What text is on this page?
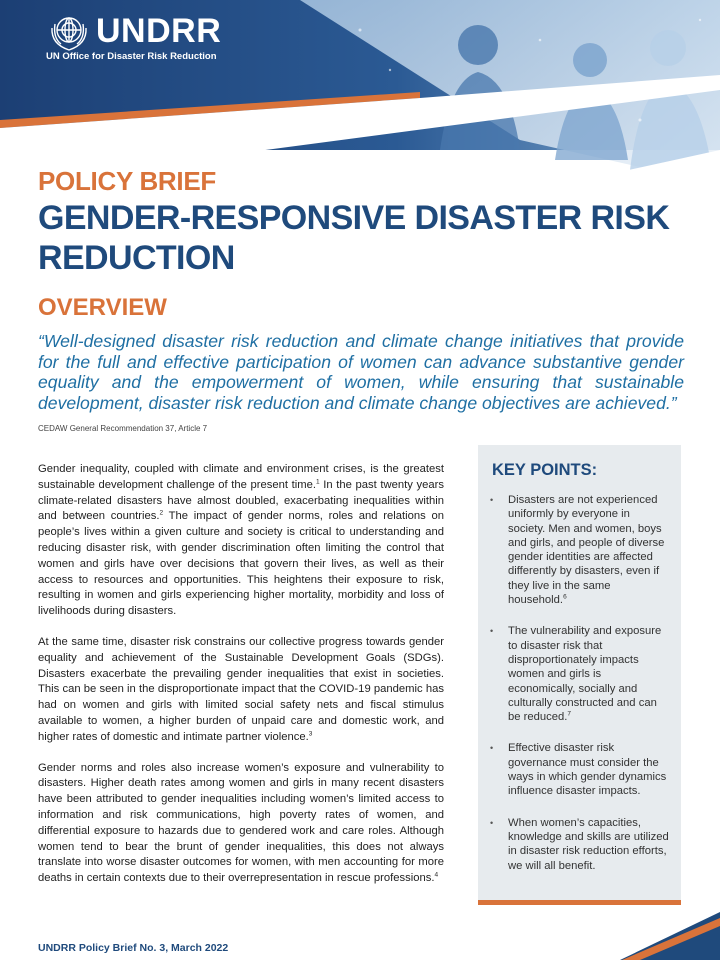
UNDRR
UN Office for Disaster Risk Reduction
POLICY BRIEF
GENDER-RESPONSIVE DISASTER RISK REDUCTION
OVERVIEW

“Well-designed disaster risk reduction and climate change initiatives that provide for the full and effective participation of women can advance substantive gender equality and the empowerment of women, while ensuring that sustainable development, disaster risk reduction and climate change objectives are achieved.”

CEDAW General Recommendation 37, Article 7

Gender inequality, coupled with climate and environment crises, is the greatest sustainable development challenge of the present time.$^1$ In the past twenty years climate-related disasters have almost doubled, exacerbating inequalities within and between countries.$^2$ The impact of gender norms, roles and relations on people’s lives within a given culture and society is critical to understanding and reducing disaster risk, with gender discrimination often limiting the control that women and girls have over decisions that govern their lives, as well as their access to resources and opportunities. This heightens their exposure to risk, resulting in women and girls experiencing higher mortality, morbidity and loss of livelihoods during disasters.

At the same time, disaster risk constrains our collective progress towards gender equality and achievement of the Sustainable Development Goals (SDGs). Disasters exacerbate the prevailing gender inequalities that exist in societies. This can be seen in the disproportionate impact that the COVID-19 pandemic has had on women and girls with limited social safety nets and fiscal stimulus available to women, a higher burden of unpaid care and domestic work, and higher rates of domestic and intimate partner violence.$^3$

Gender norms and roles also increase women’s exposure and vulnerability to disasters. Higher death rates among women and girls in many recent disasters have been attributed to gender inequalities including women’s limited access to information and risk communications, high poverty rates of women, and differential exposure to hazards due to gendered work and care roles. Although women tend to bear the brunt of gender inequalities, this does not always translate into worse disaster outcomes for women, with men accounting for more deaths in certain contexts due to their overrepresentation in rescue professions.$^4$

KEY POINTS:
•	Disasters are not experienced uniformly by everyone in society. Men and women, boys and girls, and people of diverse gender identities are affected differently by disasters, even if they live in the same household.$^6$
•	The vulnerability and exposure to disaster risk that disproportionately impacts women and girls is economically, socially and culturally constructed and can be reduced.$^7$
•	Effective disaster risk governance must consider the ways in which gender dynamics influence disaster impacts.
•	When women’s capacities, knowledge and skills are utilized in disaster risk reduction efforts, we will all benefit.
UNDRR Policy Brief No. 3, March 2022
